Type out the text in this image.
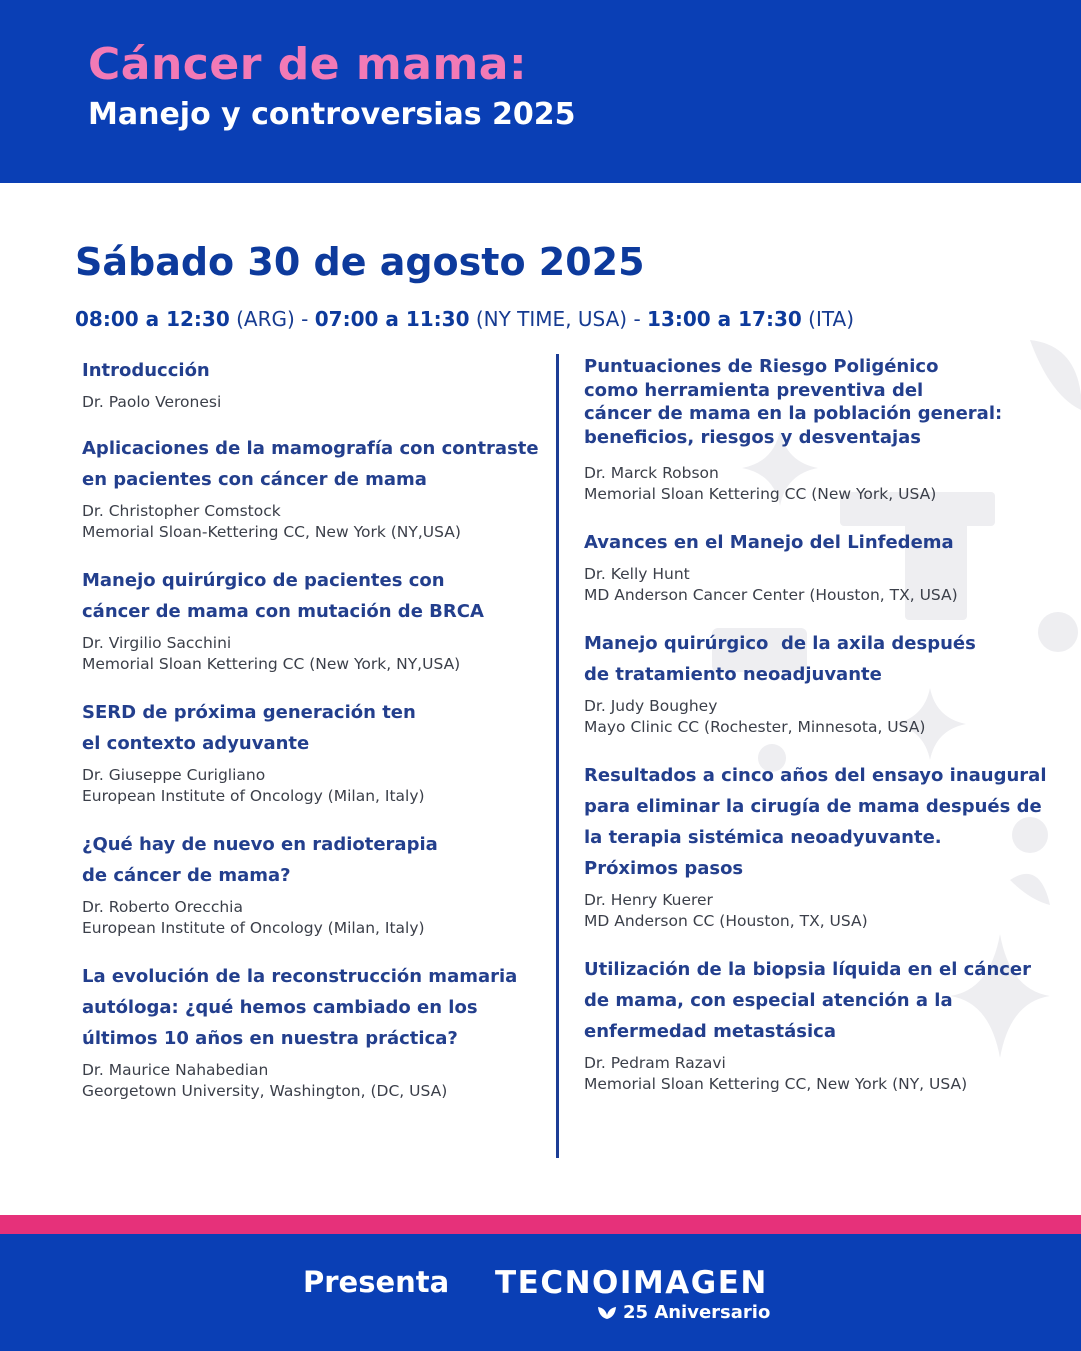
Cáncer de mama:
Manejo y controversias 2025
Sábado 30 de agosto 2025
08:00 a 12:30 (ARG) - 07:00 a 11:30 (NY TIME, USA) - 13:00 a 17:30 (ITA)
Introducción
Dr. Paolo Veronesi
Aplicaciones de la mamografía con contraste
en pacientes con cáncer de mama
Dr. Christopher Comstock
Memorial Sloan-Kettering CC, New York (NY,USA)
Manejo quirúrgico de pacientes con
cáncer de mama con mutación de BRCA
Dr. Virgilio Sacchini
Memorial Sloan Kettering CC (New York, NY,USA)
SERD de próxima generación ten
el contexto adyuvante
Dr. Giuseppe Curigliano
European Institute of Oncology (Milan, Italy)
¿Qué hay de nuevo en radioterapia
de cáncer de mama?
Dr. Roberto Orecchia
European Institute of Oncology (Milan, Italy)
La evolución de la reconstrucción mamaria
autóloga: ¿qué hemos cambiado en los
últimos 10 años en nuestra práctica?
Dr. Maurice Nahabedian
Georgetown University, Washington, (DC, USA)
Puntuaciones de Riesgo Poligénico
como herramienta preventiva del
cáncer de mama en la población general:
beneficios, riesgos y desventajas
Dr. Marck Robson
Memorial Sloan Kettering CC (New York, USA)
Avances en el Manejo del Linfedema
Dr. Kelly Hunt
MD Anderson Cancer Center (Houston, TX, USA)
Manejo quirúrgico  de la axila después
de tratamiento neoadjuvante
Dr. Judy Boughey
Mayo Clinic CC (Rochester, Minnesota, USA)
Resultados a cinco años del ensayo inaugural
para eliminar la cirugía de mama después de
la terapia sistémica neoadyuvante.
Próximos pasos
Dr. Henry Kuerer
MD Anderson CC (Houston, TX, USA)
Utilización de la biopsia líquida en el cáncer
de mama, con especial atención a la
enfermedad metastásica
Dr. Pedram Razavi
Memorial Sloan Kettering CC, New York (NY, USA)
Presenta TECNOIMAGEN
25 Aniversario
